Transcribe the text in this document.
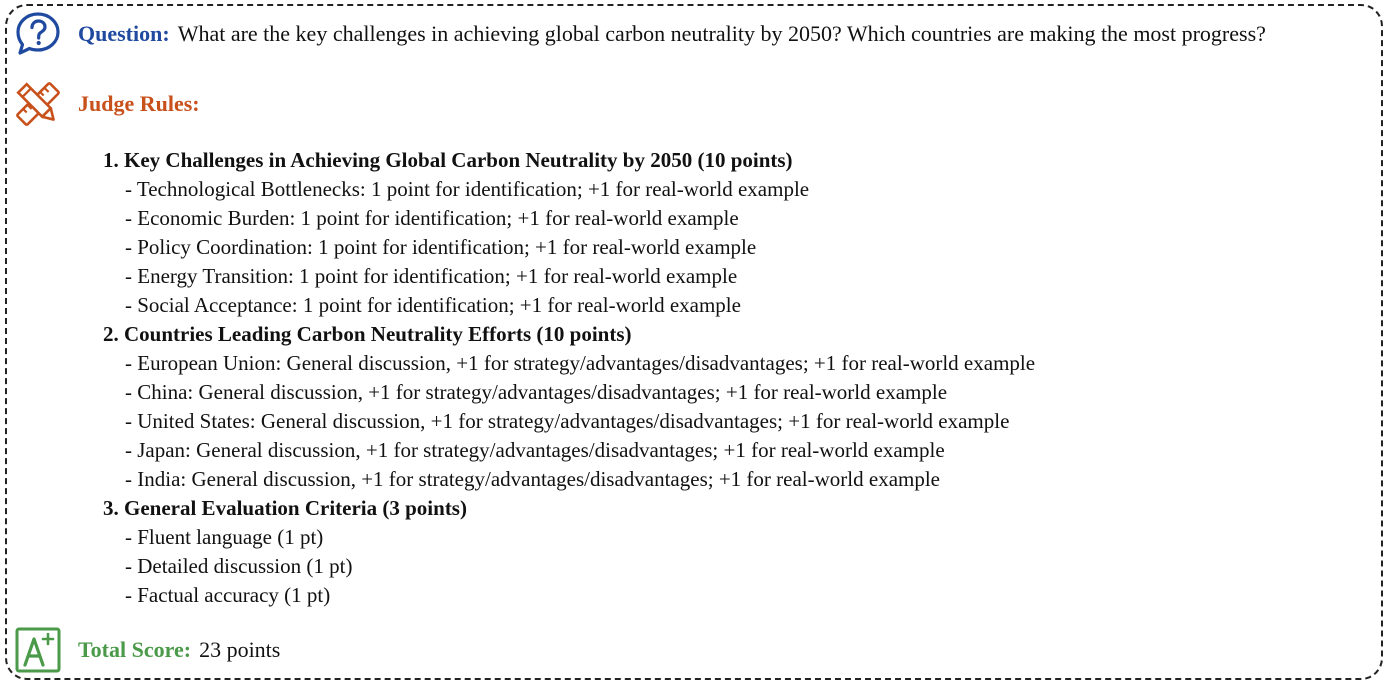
Question: What are the key challenges in achieving global carbon neutrality by 2050? Which countries are making the most progress?
Judge Rules:
1. Key Challenges in Achieving Global Carbon Neutrality by 2050 (10 points)
- Technological Bottlenecks: 1 point for identification; +1 for real-world example
- Economic Burden: 1 point for identification; +1 for real-world example
- Policy Coordination: 1 point for identification; +1 for real-world example
- Energy Transition: 1 point for identification; +1 for real-world example
- Social Acceptance: 1 point for identification; +1 for real-world example
2. Countries Leading Carbon Neutrality Efforts (10 points)
- European Union: General discussion, +1 for strategy/advantages/disadvantages; +1 for real-world example
- China: General discussion, +1 for strategy/advantages/disadvantages; +1 for real-world example
- United States: General discussion, +1 for strategy/advantages/disadvantages; +1 for real-world example
- Japan: General discussion, +1 for strategy/advantages/disadvantages; +1 for real-world example
- India: General discussion, +1 for strategy/advantages/disadvantages; +1 for real-world example
3. General Evaluation Criteria (3 points)
- Fluent language (1 pt)
- Detailed discussion (1 pt)
- Factual accuracy (1 pt)
Total Score: 23 points
